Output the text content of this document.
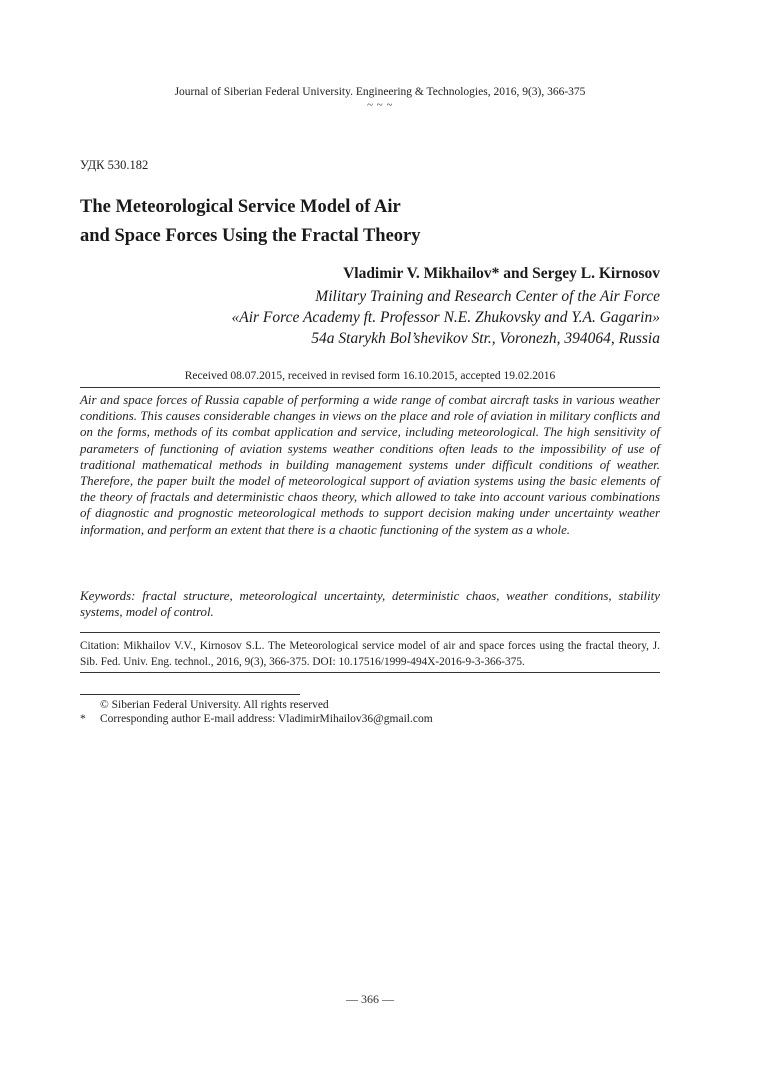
Journal of Siberian Federal University. Engineering & Technologies, 2016, 9(3), 366-375
~ ~ ~
УДК 530.182
The Meteorological Service Model of Air
and Space Forces Using the Fractal Theory
Vladimir V. Mikhailov* and Sergey L. Kirnosov
Military Training and Research Center of the Air Force
«Air Force Academy ft. Professor N.E. Zhukovsky and Y.A. Gagarin»
54a Starykh Bol’shevikov Str., Voronezh, 394064, Russia
Received 08.07.2015, received in revised form 16.10.2015, accepted 19.02.2016

Air and space forces of Russia capable of performing a wide range of combat aircraft tasks in various weather conditions. This causes considerable changes in views on the place and role of aviation in military conflicts and on the forms, methods of its combat application and service, including meteorological. The high sensitivity of parameters of functioning of aviation systems weather conditions often leads to the impossibility of use of traditional mathematical methods in building management systems under difficult conditions of weather. Therefore, the paper built the model of meteorological support of aviation systems using the basic elements of the theory of fractals and deterministic chaos theory, which allowed to take into account various combinations of diagnostic and prognostic meteorological methods to support decision making under uncertainty weather information, and perform an extent that there is a chaotic functioning of the system as a whole.

Keywords: fractal structure, meteorological uncertainty, deterministic chaos, weather conditions, stability systems, model of control.

Citation: Mikhailov V.V., Kirnosov S.L. The Meteorological service model of air and space forces using the fractal theory, J. Sib. Fed. Univ. Eng. technol., 2016, 9(3), 366-375. DOI: 10.17516/1999-494X-2016-9-3-366-375.

© Siberian Federal University. All rights reserved
* Corresponding author E-mail address: VladimirMihailov36@gmail.com
— 366 —
